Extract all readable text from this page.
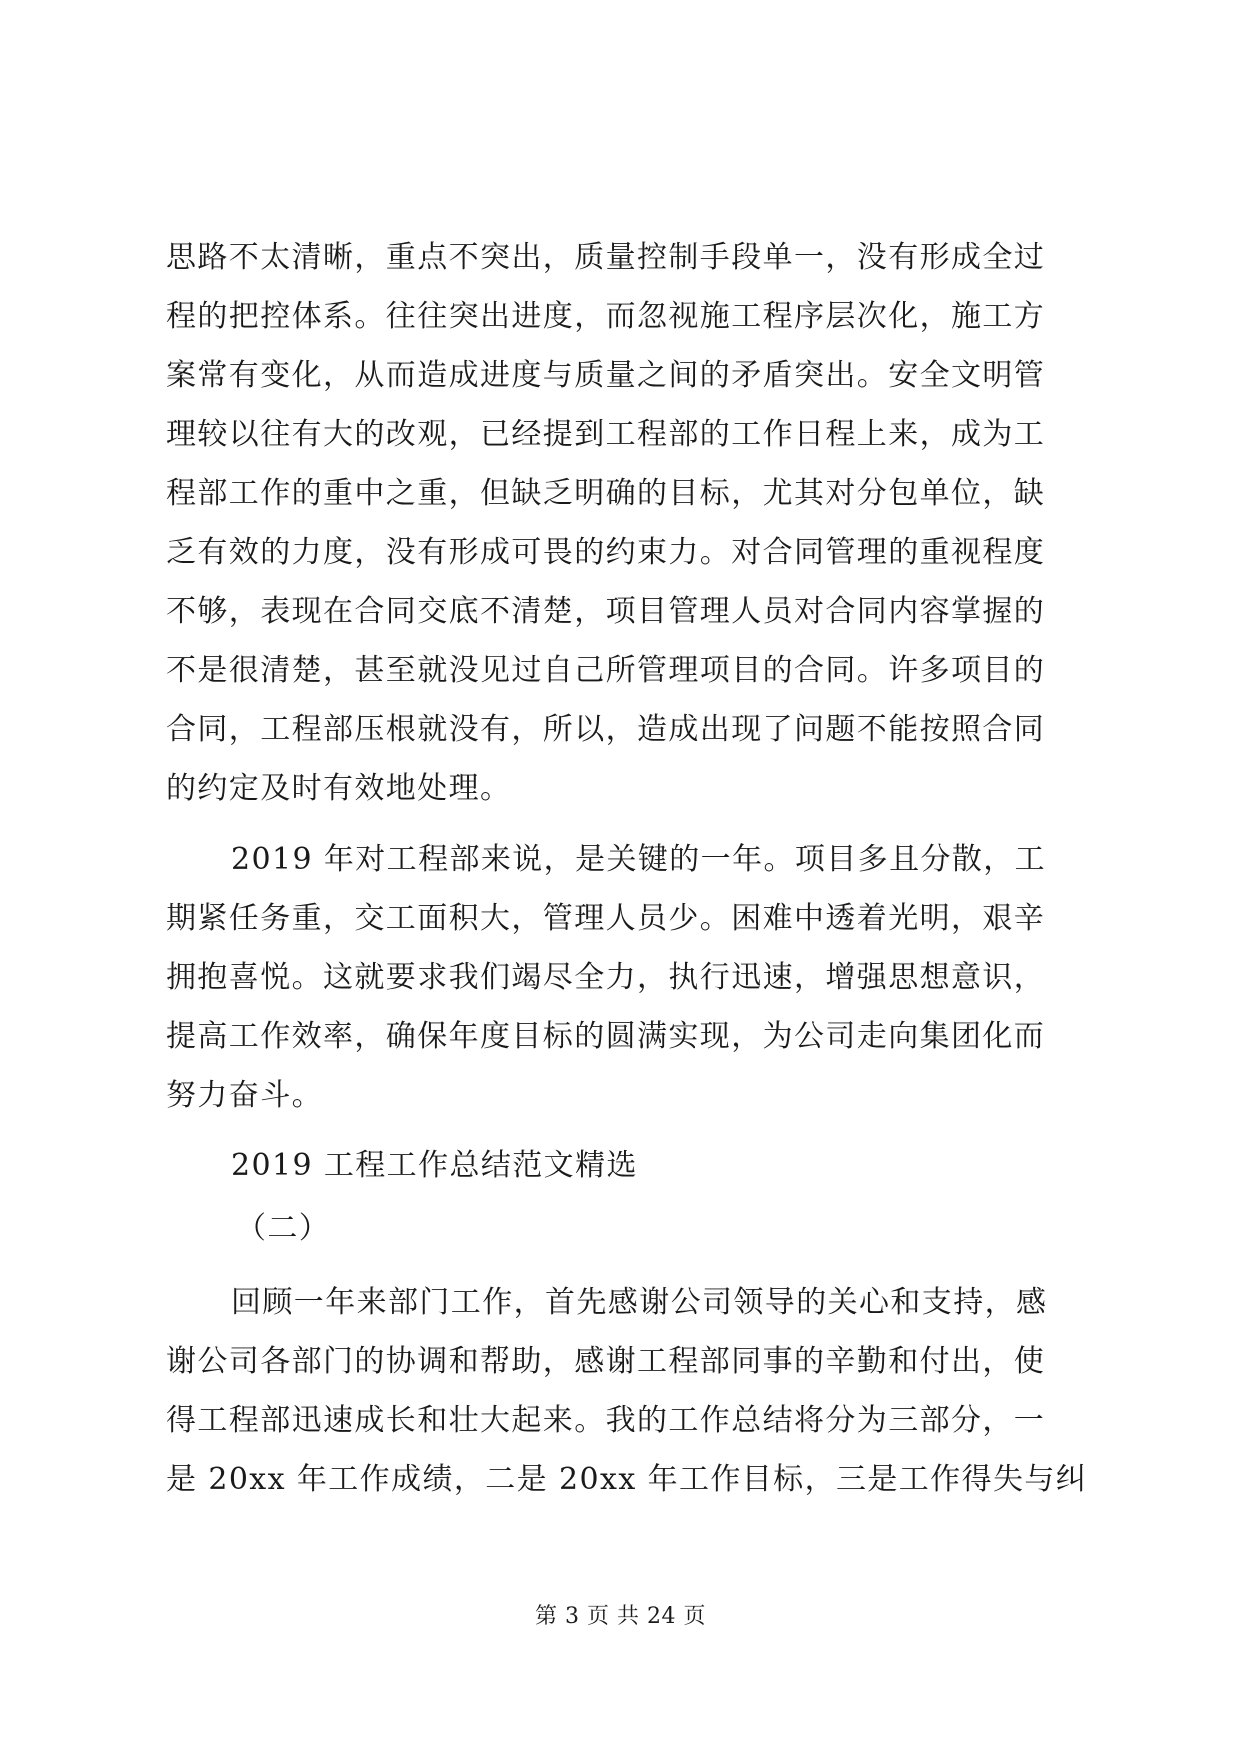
思路不太清晰，重点不突出，质量控制手段单一，没有形成全过
程的把控体系。往往突出进度，而忽视施工程序层次化，施工方
案常有变化，从而造成进度与质量之间的矛盾突出。安全文明管
理较以往有大的改观，已经提到工程部的工作日程上来，成为工
程部工作的重中之重，但缺乏明确的目标，尤其对分包单位，缺
乏有效的力度，没有形成可畏的约束力。对合同管理的重视程度
不够，表现在合同交底不清楚，项目管理人员对合同内容掌握的
不是很清楚，甚至就没见过自己所管理项目的合同。许多项目的
合同，工程部压根就没有，所以，造成出现了问题不能按照合同
的约定及时有效地处理。
2019 年对工程部来说，是关键的一年。项目多且分散，工
期紧任务重，交工面积大，管理人员少。困难中透着光明，艰辛
拥抱喜悦。这就要求我们竭尽全力，执行迅速，增强思想意识，
提高工作效率，确保年度目标的圆满实现，为公司走向集团化而
努力奋斗。
2019 工程工作总结范文精选
（二）
回顾一年来部门工作，首先感谢公司领导的关心和支持，感
谢公司各部门的协调和帮助，感谢工程部同事的辛勤和付出，使
得工程部迅速成长和壮大起来。我的工作总结将分为三部分，一
是 20xx 年工作成绩，二是 20xx 年工作目标，三是工作得失与纠
第 3 页 共 24 页
